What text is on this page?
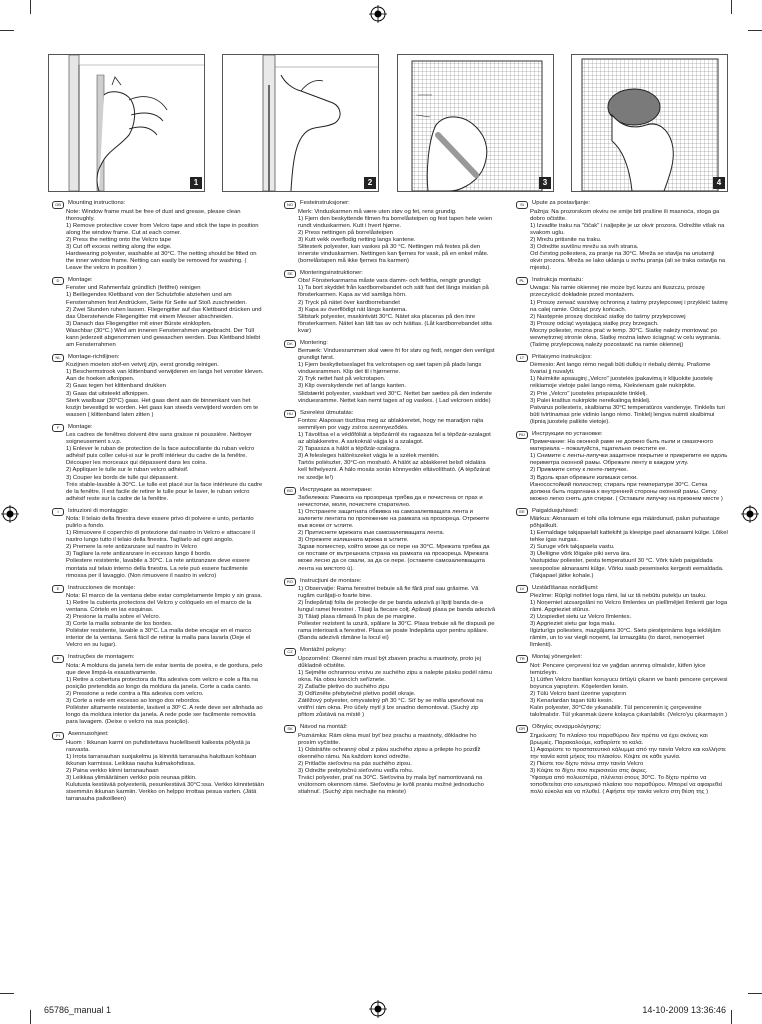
1	2	3	4
GB	Mounting instructions:
Note: Window frame must be free of dust and grease, please clean thoroughly.
1) Remove protective cover from Velcro tape and stick the tape in position along the window frame. Cut at each corner.
2) Press the netting onto the Velcro tape
3) Cut off excess netting along the edge.
Hardwearing polyester, washable at 30°C. The netting should be fitted on the inner window frame. Netting can easily be removed for washing. ( Leave the velcro in position )
D	Montage:
Fenster und Rahmenfalz gründlich (fettfrei) reinigen
1) Beiliegendes Klettband von der Schutzfolie abziehen und am Fensterrahmen fest Andrücken, Seite für Seite auf Stoß zuschneiden.
2) Zwei Stunden ruhen lassen. Fliegengitter auf das Klettband drücken und das Überstehende Fliegengitter mit einem Messer abschneiden.
3) Danach das Fliegengitter mit einer Bürste einklopfen.
Waschbar (30°C.) Wird am inneren Fensterrahmen angebracht. Der Tüll kann jederzeit abgenommen und gewaschen werden. Das Klettband bleibt am Fensterrahmen
NL	Montage-richtlijnen:
Kozijnen moeten stof-en vetvrij zijn, eerst grondig reinigen.
1) Beschermstrook van klittenband verwijderen en langs het venster kleven. Aan de hoeken afknippen.
2) Gaas tegen het klittenband drukken
3) Gaas dat uitsteekt afknippen.
Sterk waslbaar (30°C) gaas. Het gaas dient aan de binnenkant van het kozijn bevestigd te worden. Het gaas kan steeds verwijderd worden om te wassen ( klittenband laten zitten )
F	Montage:
Les cadres de fenêtres doivent être sans graisse ni poussière. Nettoyer soigneusement s.v.p.
1) Enlever le ruban de protection de la face autocollante du ruban velcro adhésif puis coller celui-si sur le profil intérieur du cadre de la fenêtre. Découper les morceaux qui dépassent dans les coins.
2) Appliquer le tulle sur le ruban velcro adhésif.
3) Couper les bords de tulle qui dépassent.
Très stable-lavable à 30°C. Le tulle est placé sur la face intérieure du cadre de la fenêtre. Il est facile de retirer le tulle pour le laver, le ruban velcro adhésif reste sur la cadre de la fenêtre.
I	Istruzioni di montaggio:
Nota: Il telaio della finestra deve essere privo di polvere e unto, pertanto pulirlo a fondo.
1) Rimuovere il coperchio di protezione dal nastro in Velcro e attaccare il nastro lungo tutto il telaio della finestra. Tagliarlo ad ogni angolo.
2) Premere la rete antizanzare sul nastro in Velcro
3) Tagliare la rete antizanzare in eccesso lungo il bordo.
Poliestere resistente, lavabile a 30°C. La rete antizanzare deve essere montata sul telaio interno della finestra. La rete può essere facilmente rimossa per il lavaggio. (Non rimuovere il nastro in velcro)
E	Instrucciones de montaje:
Nota: El marco de la ventana debe estar completamente limpio y sin grasa.
1) Retire la cubierta protectora del Velcro y colóquelo en el marco de la ventana. Córtelo en las esquinas.
2) Presione la malla sobre el Velcro.
3) Corte la malla sobrante de los bordes.
Poliéster resistente, lavable a 30°C. La malla debe encajar en el marco interior de la ventana. Será fácil de retirar la malla para lavarla (Deje el Velcro en su lugar).
P	Instruções de montagem:
Nota: A moldura da janela tem de estar isenta de poeira, e de gordura, pelo que deve limpá-la exaustivamente.
1) Retire a cobertura protectora da fita adesiva com velcro e cole a fita na posição pretendida ao longo da moldura da janela. Corte a cada canto.
2) Pressione a rede contra a fita adesiva com velcro.
3) Corte a rede em excesso ao longo dos rebordos.
Poliéster altamente resistente, lavável a 30º C. A rede deve ser alinhada ao longo da moldura interior da janela. A rede pode ser facilmente removida para lavagem. (Deixe o velcro na sua posição).
FI	Asennusohjeet:
Huom : Ikkunan karmi on puhdistettava huolellisesti kaikesta pölystä ja rasvasta.
1) Irrota tarranauhan suojakelmu ja kiinnitä tarranauha haluttuun kohtaan ikkunan karmissa. Leikkaa nauha kulmakohdissa.
2) Paina verkko kiinni tarranauhaan
3) Leikkaa ylimääräinen verkko pois reunaa pitkin.
Kulutusta kestävää polyesteriä, pesunkestävä 30°C:ssa. Verkko kiinnitetään sisemmän ikkunan karmiin. Verkko on helppo irrottaa pesua varten. (Jätä tarranauha paikoilleen)
NO	Festeinstruksjoner:
Merk: Vinduskarmen må være uten støv og fet, rens grundig.
1) Fjern den beskyttende filmen fra borrelåsteipen og fest tapen hele veien rundt vinduskarmen. Kutt i hvert hjørne.
2) Press nettingen på borrelåsteipen
3) Kutt vekk overflodig netting langs kantene.
Slitesterk polyester, kan vaskes på 30 °C. Nettingen må festes på den innerste vinduskarmen. Nettingen kan fjernes for vask, på en enkel måte. (borrelåstapen må ikke fjernes fra karmen)
SE	Monteringsinstruktioner:
Obs! Fönsterkarmarna måste vara damm- och fettfria, rengör grundigt:
1) Ta bort skyddet från kardborrebandet och sätt fast det längs insidan på fönsterkarmen. Kapa av vid samliga hörn.
2) Tryck på nätet över kardborrebandet
3) Kapa av överflödigt nät längs kanterna.
Slitstark polyester, maskintvätt 30°C. Nätet ska placeras på den inre fönsterkarmen. Nätet kan lätt tas av och tvättas. (Låt kardborrebandet sitta kvar)
DK	Montering:
Bemærk: Vinduesrammen skal være fri for støv og fedt, rengør den venligst grundigt først.
1) Fjern beskyttelseslaget fra velcrotapen og sæt tapen på plads langs vinduesrammen. Klip det til i hjørnerne.
2) Tryk nettet fast på velcrotapen.
3) Klip overskydende net af langs kanten.
Slidstærkt polyester, vaskbart ved 30°C. Nettet bør sættes på den inderste vinduesramme. Nettet kan nemt tages af og vaskes. ( Lad velcroen sidde)
HU	Szerelési útmutatás:
Fontos: Alaposan tisztítsa meg az ablakkeretet, hogy ne maradjon rajta semmilyen por vagy zsíros szennyeződés.
1) Távolítsa el a védőfóliát a tépőzárról és ragassza fel a tépőzár-szalagot az ablakkeretre. A sarkoknál vágja ki a szalagot.
2) Tapassza a hálót a tépőzár-szalagra.
3) A felesleges hálórészeket vágja le a szélek mentén.
Tartós poliészter, 30°C-on mosható. A hálót az ablakkeret belső oldalára kell felhelyezni. A hálo mosás során könnyedén eltávolítható. (A tépőzárat ne szedje le!)
BG	Инструкции за монтиране:
Забележка: Рамката на прозореца трябва да е почистена от прах и нечистотии, моля, почистете старателно.
1) Отстранете защитната обвивка на самозалепващата лента и залепете лентата по протежение на рамката на прозореца. Отрежете във всеки от ъглите.
2) Притиснете мрежата към самозалепващата лента.
3) Отрежете излишната мрежа в ъглите.
Здрав полиестер, който може да се пере на 30°C. Мрежата трябва да се постави от вътрешната страна на рамката на прозореца. Мрежата може лесно да се свали, за да се пере. (оставете самозалепващата лента на мястото ù).
RO	Instrucţiuni de montare:
1) Observaţie: Rama ferestrei trebuie să fie fără praf sau grăsime. Vă rugăm curăţaţi-o foarte bine.
2) Îndepărtaţi folia de protecţie de pe banda adezivă şi lipiţi banda de-a lungul ramei ferestrei . Tăiaţi la fiecare colţ. Apăsaţi plasa pe banda adezivă
3) Tăiaţi plasa rămasă în plus de pe margine.
Poliester rezistent la uzură, spălare la 30°C. Plasa trebuie să fie dispusă pe rama interioară a ferestrei. Plasa se poate îndepărta uşor pentru spălare. (Banda adezivă rămâne la locul ei)
CZ	Montážní pokyny:
Upozornění: Okenní rám musí být zbaven prachu a mastnoty, proto jej důkladně očistěte.
1) Sejměte ochrannou vrstvu ze suchého zipu a nalepte pásku podél rámu okna. Na obou koncích seříznete.
2) Zatlačte pletivo do suchého zipu
3) Odřízněte přebytečné pletivo podél okraje.
Zátěžový polyester, omyvatelný při 30 °C. Síť by se měla upevňovat na vnitřní rám okna. Pro účely mytí ji lze snadno demontovat. (Suchý zip přitom zůstává na místě )
SK	Návod na montáž:
Poznámka: Rám okna musí byť bez prachu a mastnoty, dôkladne ho prosím vyčistite.
1) Odstráňte ochranný obal z pásu suchého zipsu a prilepte ho pozdĺž okenného rámu. Na každom konci odrežte.
2) Pritlačte sieťovinu na pás suchého zipsu.
3) Odrežte prebytočnú sieťovinu vedľa rohu.
Trvácí polyester, prať na 30°C. Sieťovina by mala byť namontovaná na vnútornom okennom ráme. Sieťovinu je kvôli praniu možné jednoducho stiahnuť. (Suchý zips nechajte na mieste)
SI	Upute za postavljanje:
Pažnja: Na prozorskom okviru ne smije biti prašine ili masnoća, stoga ga dobro očistite.
1) Izvadite traku na "čičak" i naljepite je uz okvir prozora. Odrežite višak na svakom uglu.
2) Mrežu pritisnite na traku.
3) Odrežite suvišnu mrežu sa svih strana.
Od čvrstog poliestera, za pranje na 30°C. Mreža se stavlja na unutarnji okvir prozora. Mreža se lako uklanja u svrhu pranja (ali se traka ostavlja na mjestu).
PL	Instrukcja montażu:
Uwaga: Na ramie okiennej nie może być kurzu ani tłuszczu, proszę przeczyścić dokładnie przed montażem.
1) Proszę zerwać warstwę ochronną z taśmy przylepcowej i przykleić taśmę na całej ramie. Odciąć przy końcach.
2) Następnie proszę dociskać siatkę do taśmy przylepcowej
3) Proszę odciąć wystającą siatkę przy brzegach.
Mocny poliester, można prać w temp. 30°C. Siatkę należy montować po wewnętrznej stronie okna. Siatkę można łatwo ściągnąć w celu wyprania. (Taśmę przylepcową należy pozostawić na ramie okiennej)
LT	Pritaisymo instrukcijos:
Dėmesio: Ant lango rėmo negali būti dulkių ir riebalų dėmių. Prašome švariai jį nuvalyti.
1) Nuimkite apsauginį „Velcro" juostelės įpakavimą ir klijuokite juostelę reikiamoje vietoje palei lango rėmą. Kiekvienam gale nukirpkite.
2) Prie „Velcro" juostelės prispauskite tinklelį.
3) Palei kraštus nukirpkite nereikalingą tinklelį.
Patvarus poliesteris, skalbiama 30°C temperatūros vandenyje. Tinklelis turi būti tvirtinamas prie vidinio lango rėmo. Tinklelį lengva nuimti skalbimui (lipnią juostelę palikite vietoje).
RU	Инструкции по установке:
Примечание: На оконной раме не должно быть пыли и смазочного материала – пожалуйста, тщательно очистите ее.
1) Снимите с ленты-липучки защитное покрытие и прикрепите ее вдоль периметра оконной рамы. Обрежьте ленту в каждом углу.
2) Прижмите сетку к ленте-липучке.
3) Вдоль края обрежьте излишки сетки.
Износостойкий полиэстер; стирать при температуре 30°C. Сетка должна быть подогнана к внутренней стороны оконной рамы. Сетку можно легко снять для стирки. ( Оставьте липучку на прежнем месте )
EE	Paigaldusjuhised:
Märkus: Aknaraam ei tohi olla tolmune ega määrdunud, palun puhastage põhjalikult.
1) Eemaldage takjapaelalt kattekiht ja kleepige pael aknaraami külge. Lõikel tehke igas nurgas.
2) Suruge võrk takjapaela vastu.
3) Üleliigne võrk lõigake piki serva ära.
Vastupidav poliester, pesta temperatuuril 30 °C. Võrk tuleb paigaldada seespoolse aknaraami külge. Võrku saab peseniseks kergesti eemaldada. (Takjapael jätke kohale.)
LV	Uzstādīšanas norādījumi:
Piezīme: Rūpīgi notīriet loga rāmi, lai uz tā nebūtu putekļu un tauku.
1) Noņemiet aizsargslāni no Velcro līmlentes un piellīmējiet līmlenti gar loga rāmi. Apgrieziet stūrus.
2) Uzspiediet sietu uz Velcro līmlentes.
3) Apgrieziet sietu gar loga malu.
Ilgizturīgs poliesters, mazgājams 30°C. Siets piestiprināms loga iekšējām rāmim, un to var viegli noņemt, lai izmazgātu (to darot, nenoņemiet līmlenti).
TR	Montaj yönergeleri:
Not: Pencere çerçevesi toz ve yağdan arınmış olmalıdır, lütfen iyice temizleyin.
1) Lütfen Velcro bantları koruyucu örtüyü çıkarın ve bantı pencere çerçevesi boyunca yapıştırın. Köşelerden kesin.
2) Tülü Velcro bant üzerine yapıştırın
3) Kenarlardan taşan tülü kesin.
Kalın polyester, 30°C'de yıkanabilir. Tül pencerenin iç çerçevesine takılmalıdır. Tül yıkanmak üzere kolayca çıkarılabilir. (Velcro'yu çıkarmayın )
GR	Οδηγίες συναρμολόγησης:
Σημείωση: Το πλαίσιο του παραθύρου δεν πρέπει να έχει σκόνες και βρωμιές. Παρακαλούμε, καθαρίστε το καλά.
1) Αφαιρέστε το προστατευτικό κάλυμμα από την ταινία Velcro και κολλήστε την ταινία κατά μήκος του πλαισίου. Κόψτε σε κάθε γωνία.
2) Πιέστε τον δίχτυ πάνω στην ταινία Velcro
3) Κόψτε το δίχτυ που περισσεύει στις άκρες.
Ύφασμα από πολυεστέρα, πλένεται στους 30°C. Το δίχτυ πρέπει να τοποθετείται στο εσωτερικό πλαίσιο του παραθύρου. Μπορεί να αφαιρεθεί πολύ εύκολα και να πλυθεί. ( Αφήστε την ταινία velcro στη θέση της )
65786_manual 1	14-10-2009 13:36:46
